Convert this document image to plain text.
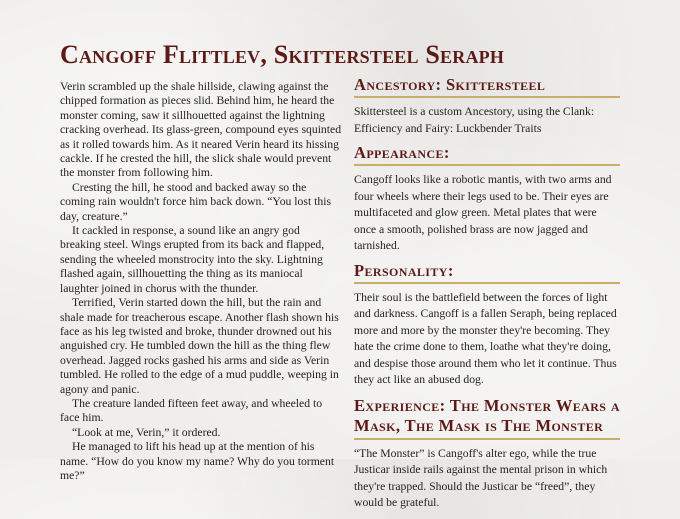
Cangoff Flittlev, Skittersteel Seraph

Verin scrambled up the shale hillside, clawing against the chipped formation as pieces slid. Behind him, he heard the monster coming, saw it sillhouetted against the lightning cracking overhead. Its glass-green, compound eyes squinted as it rolled towards him. As it neared Verin heard its hissing cackle. If he crested the hill, the slick shale would prevent the monster from following him.

Cresting the hill, he stood and backed away so the coming rain wouldn't force him back down. “You lost this day, creature.”

It cackled in response, a sound like an angry god breaking steel. Wings erupted from its back and flapped, sending the wheeled monstrocity into the sky. Lightning flashed again, sillhouetting the thing as its maniocal laughter joined in chorus with the thunder.

Terrified, Verin started down the hill, but the rain and shale made for treacherous escape. Another flash shown his face as his leg twisted and broke, thunder drowned out his anguished cry. He tumbled down the hill as the thing flew overhead. Jagged rocks gashed his arms and side as Verin tumbled. He rolled to the edge of a mud puddle, weeping in agony and panic.

The creature landed fifteen feet away, and wheeled to face him.

“Look at me, Verin,” it ordered.

He managed to lift his head up at the mention of his name. “How do you know my name? Why do you torment me?”

Ancestory: Skittersteel

Skittersteel is a custom Ancestory, using the Clank: Efficiency and Fairy: Luckbender Traits

Appearance:

Cangoff looks like a robotic mantis, with two arms and four wheels where their legs used to be. Their eyes are multifaceted and glow green. Metal plates that were once a smooth, polished brass are now jagged and tarnished.

Personality:

Their soul is the battlefield between the forces of light and darkness. Cangoff is a fallen Seraph, being replaced more and more by the monster they're becoming. They hate the crime done to them, loathe what they're doing, and despise those around them who let it continue. Thus they act like an abused dog.

Experience: The Monster Wears a Mask, The Mask is The Monster

“The Monster” is Cangoff's alter ego, while the true Justicar inside rails against the mental prison in which they're trapped. Should the Justicar be “freed”, they would be grateful.
